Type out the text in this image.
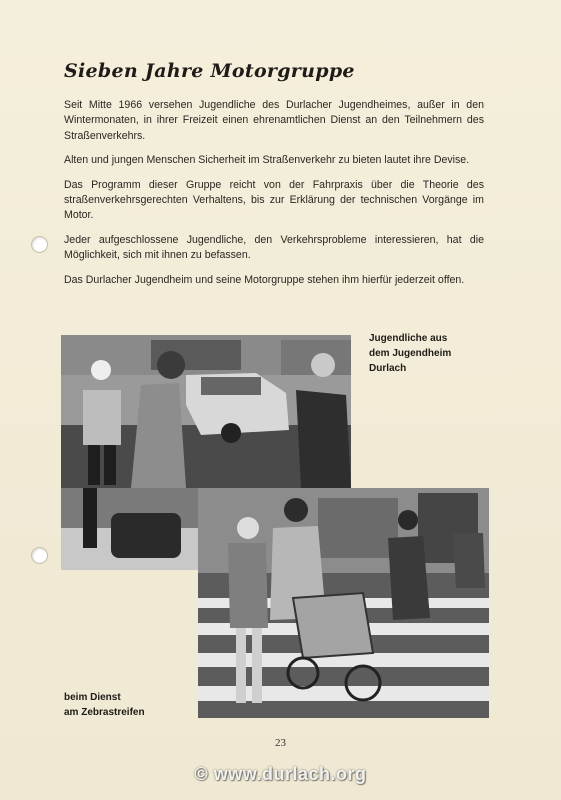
Sieben Jahre Motorgruppe

Seit Mitte 1966 versehen Jugendliche des Durlacher Jugendheimes, außer in den Wintermonaten, in ihrer Freizeit einen ehrenamtlichen Dienst an den Teilnehmern des Straßenverkehrs.

Alten und jungen Menschen Sicherheit im Straßenverkehr zu bieten lautet ihre Devise.

Das Programm dieser Gruppe reicht von der Fahrpraxis über die Theorie des straßenverkehrsgerechten Verhaltens, bis zur Erklärung der technischen Vorgänge im Motor.

Jeder aufgeschlossene Jugendliche, den Verkehrsprobleme interessieren, hat die Möglichkeit, sich mit ihnen zu befassen.

Das Durlacher Jugendheim und seine Motorgruppe stehen ihm hierfür jederzeit offen.

Jugendliche aus
dem Jugendheim
Durlach
beim Dienst
am Zebrastreifen
23
© www.durlach.org
